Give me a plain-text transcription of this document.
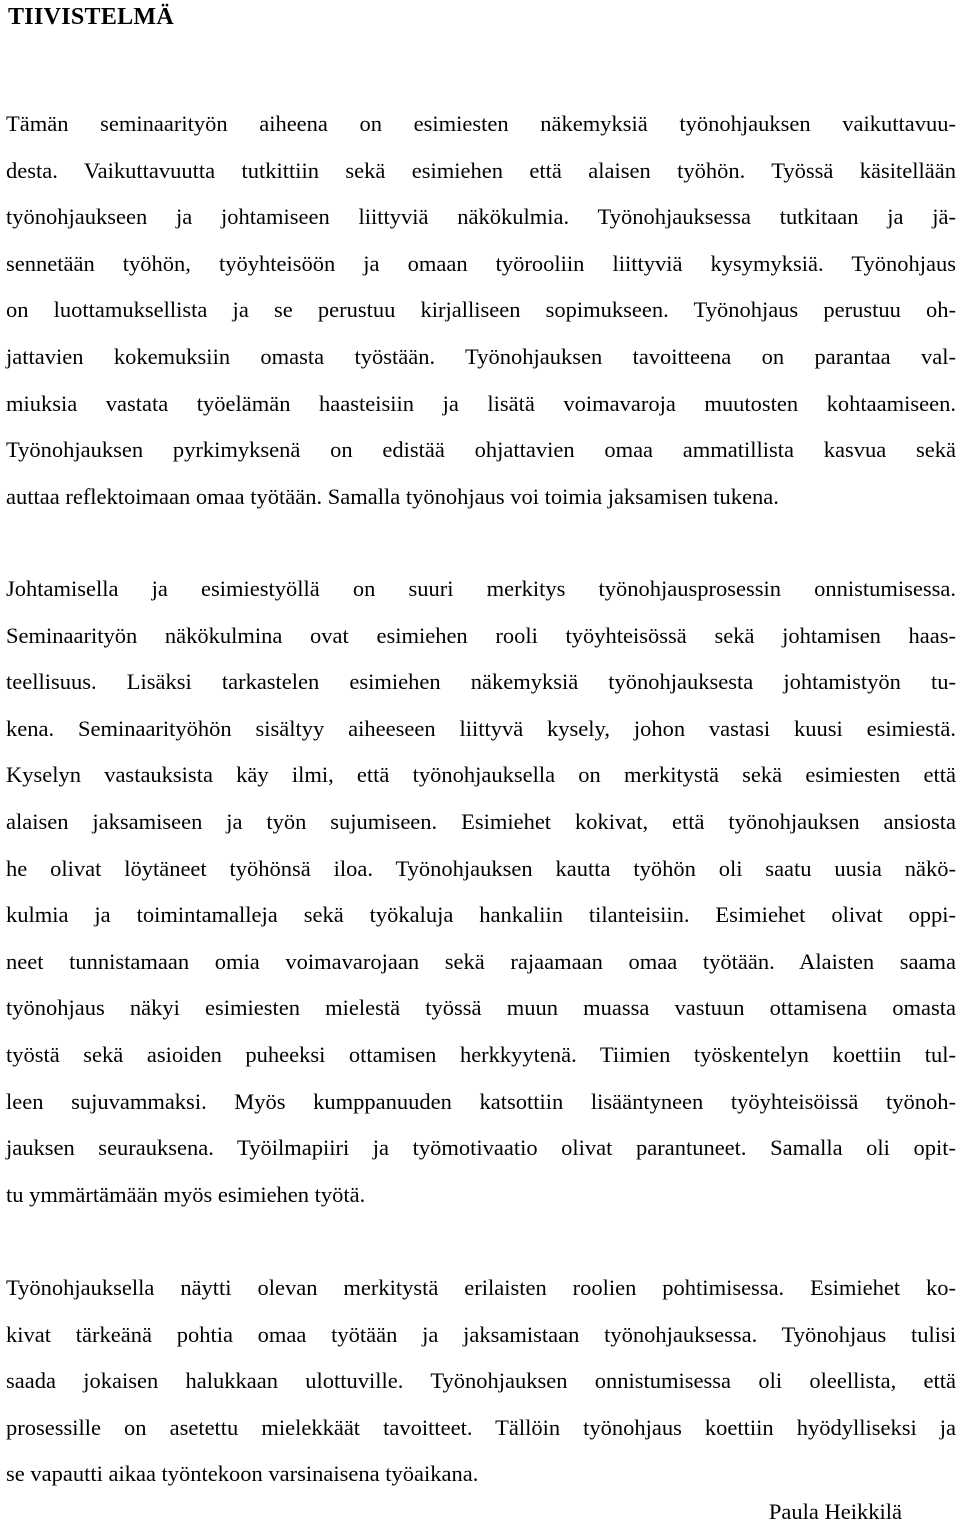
TIIVISTELMÄ

Tämän seminaarityön aiheena on esimiesten näkemyksiä työnohjauksen vaikuttavuu-
desta. Vaikuttavuutta tutkittiin sekä esimiehen että alaisen työhön. Työssä käsitellään
työnohjaukseen ja johtamiseen liittyviä näkökulmia. Työnohjauksessa tutkitaan ja jä-
sennetään työhön, työyhteisöön ja omaan työrooliin liittyviä kysymyksiä. Työnohjaus
on luottamuksellista ja se perustuu kirjalliseen sopimukseen. Työnohjaus perustuu oh-
jattavien kokemuksiin omasta työstään. Työnohjauksen tavoitteena on parantaa val-
miuksia vastata työelämän haasteisiin ja lisätä voimavaroja muutosten kohtaamiseen.
Työnohjauksen pyrkimyksenä on edistää ohjattavien omaa ammatillista kasvua sekä
auttaa reflektoimaan omaa työtään. Samalla työnohjaus voi toimia jaksamisen tukena.

Johtamisella ja esimiestyöllä on suuri merkitys työnohjausprosessin onnistumisessa.
Seminaarityön näkökulmina ovat esimiehen rooli työyhteisössä sekä johtamisen haas-
teellisuus. Lisäksi tarkastelen esimiehen näkemyksiä työnohjauksesta johtamistyön tu-
kena. Seminaarityöhön sisältyy aiheeseen liittyvä kysely, johon vastasi kuusi esimiestä.
Kyselyn vastauksista käy ilmi, että työnohjauksella on merkitystä sekä esimiesten että
alaisen jaksamiseen ja työn sujumiseen. Esimiehet kokivat, että työnohjauksen ansiosta
he olivat löytäneet työhönsä iloa. Työnohjauksen kautta työhön oli saatu uusia näkö-
kulmia ja toimintamalleja sekä työkaluja hankaliin tilanteisiin. Esimiehet olivat oppi-
neet tunnistamaan omia voimavarojaan sekä rajaamaan omaa työtään. Alaisten saama
työnohjaus näkyi esimiesten mielestä työssä muun muassa vastuun ottamisena omasta
työstä sekä asioiden puheeksi ottamisen herkkyytenä. Tiimien työskentelyn koettiin tul-
leen sujuvammaksi. Myös kumppanuuden katsottiin lisääntyneen työyhteisöissä työnoh-
jauksen seurauksena. Työilmapiiri ja työmotivaatio olivat parantuneet. Samalla oli opit-
tu ymmärtämään myös esimiehen työtä.

Työnohjauksella näytti olevan merkitystä erilaisten roolien pohtimisessa. Esimiehet ko-
kivat tärkeänä pohtia omaa työtään ja jaksamistaan työnohjauksessa. Työnohjaus tulisi
saada jokaisen halukkaan ulottuville. Työnohjauksen onnistumisessa oli oleellista, että
prosessille on asetettu mielekkäät tavoitteet. Tällöin työnohjaus koettiin hyödylliseksi ja
se vapautti aikaa työntekoon varsinaisena työaikana.

Paula Heikkilä
